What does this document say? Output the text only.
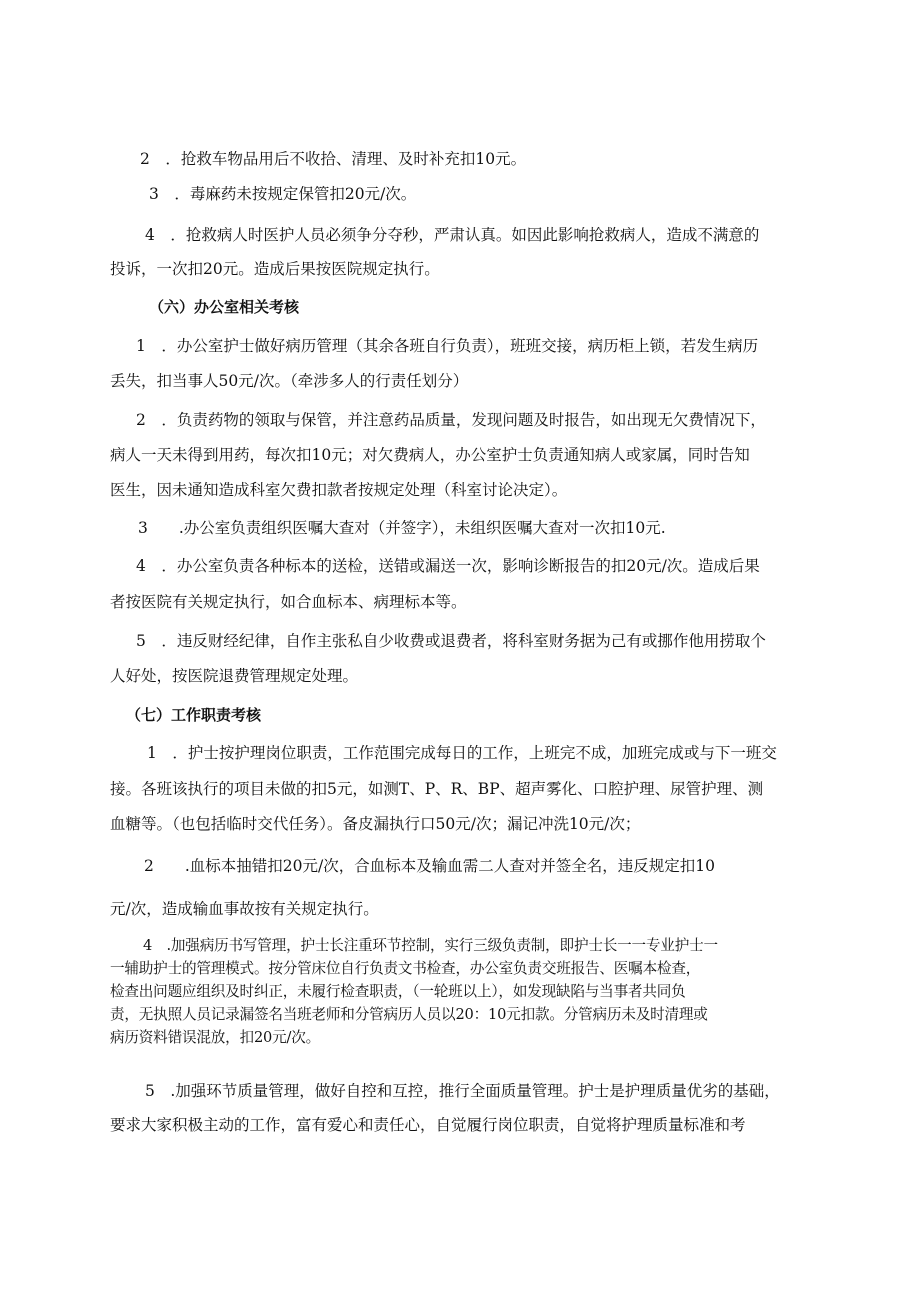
2　．抢救车物品用后不收拾、清理、及时补充扣10元。
3　．毒麻药未按规定保管扣20元/次。
4　．抢救病人时医护人员必须争分夺秒，严肃认真。如因此影响抢救病人，造成不满意的
投诉，一次扣20元。造成后果按医院规定执行。
（六）办公室相关考核
1　．办公室护士做好病历管理（其余各班自行负责），班班交接，病历柜上锁，若发生病历
丢失，扣当事人50元/次。（牵涉多人的行责任划分）
2　．负责药物的领取与保管，并注意药品质量，发现问题及时报告，如出现无欠费情况下，
病人一天未得到用药，每次扣10元；对欠费病人，办公室护士负责通知病人或家属，同时告知
医生，因未通知造成科室欠费扣款者按规定处理（科室讨论决定）。
3　　.办公室负责组织医嘱大查对（并签字），未组织医嘱大查对一次扣10元.
4　．办公室负责各种标本的送检，送错或漏送一次，影响诊断报告的扣20元/次。造成后果
者按医院有关规定执行，如合血标本、病理标本等。
5　．违反财经纪律，自作主张私自少收费或退费者，将科室财务据为己有或挪作他用捞取个
人好处，按医院退费管理规定处理。
（七）工作职责考核
1　．护士按护理岗位职责，工作范围完成每日的工作，上班完不成，加班完成或与下一班交
接。各班该执行的项目未做的扣5元，如测T、P、R、BP、超声雾化、口腔护理、尿管护理、测
血糖等。（也包括临时交代任务）。备皮漏执行口50元/次；漏记冲洗10元/次；
2　　.血标本抽错扣20元/次，合血标本及输血需二人查对并签全名，违反规定扣10
元/次，造成输血事故按有关规定执行。
4　.加强病历书写管理，护士长注重环节控制，实行三级负责制，即护士长一一专业护士一
一辅助护士的管理模式。按分管床位自行负责文书检查，办公室负责交班报告、医嘱本检查，
检查出问题应组织及时纠正，未履行检查职责，（一轮班以上），如发现缺陷与当事者共同负
责，无执照人员记录漏签名当班老师和分管病历人员以20：10元扣款。分管病历未及时清理或
病历资料错误混放，扣20元/次。
5　.加强环节质量管理，做好自控和互控，推行全面质量管理。护士是护理质量优劣的基础，
要求大家积极主动的工作，富有爱心和责任心，自觉履行岗位职责，自觉将护理质量标准和考
